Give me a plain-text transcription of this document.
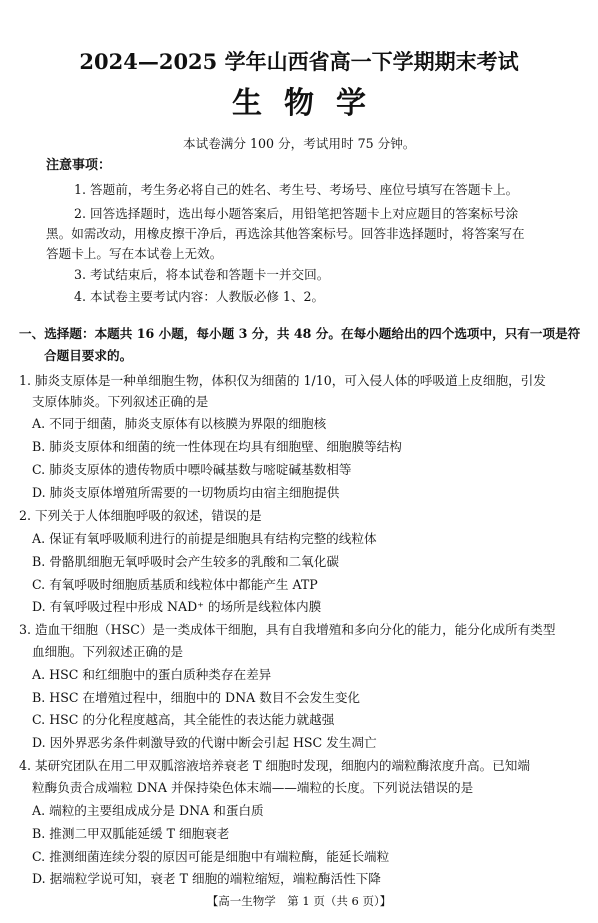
2024—2025 学年山西省高一下学期期末考试
生物学
本试卷满分 100 分，考试用时 75 分钟。
注意事项：
1. 答题前，考生务必将自己的姓名、考生号、考场号、座位号填写在答题卡上。
2. 回答选择题时，选出每小题答案后，用铅笔把答题卡上对应题目的答案标号涂
黑。如需改动，用橡皮擦干净后，再选涂其他答案标号。回答非选择题时，将答案写在
答题卡上。写在本试卷上无效。
3. 考试结束后，将本试卷和答题卡一并交回。
4. 本试卷主要考试内容：人教版必修 1、2。
一、选择题：本题共 16 小题，每小题 3 分，共 48 分。在每小题给出的四个选项中，只有一项是符
合题目要求的。
1. 肺炎支原体是一种单细胞生物，体积仅为细菌的 1/10，可入侵人体的呼吸道上皮细胞，引发
支原体肺炎。下列叙述正确的是
A. 不同于细菌，肺炎支原体有以核膜为界限的细胞核
B. 肺炎支原体和细菌的统一性体现在均具有细胞壁、细胞膜等结构
C. 肺炎支原体的遗传物质中嘌呤碱基数与嘧啶碱基数相等
D. 肺炎支原体增殖所需要的一切物质均由宿主细胞提供
2. 下列关于人体细胞呼吸的叙述，错误的是
A. 保证有氧呼吸顺利进行的前提是细胞具有结构完整的线粒体
B. 骨骼肌细胞无氧呼吸时会产生较多的乳酸和二氧化碳
C. 有氧呼吸时细胞质基质和线粒体中都能产生 ATP
D. 有氧呼吸过程中形成 NAD⁺ 的场所是线粒体内膜
3. 造血干细胞（HSC）是一类成体干细胞，具有自我增殖和多向分化的能力，能分化成所有类型
血细胞。下列叙述正确的是
A. HSC 和红细胞中的蛋白质种类存在差异
B. HSC 在增殖过程中，细胞中的 DNA 数目不会发生变化
C. HSC 的分化程度越高，其全能性的表达能力就越强
D. 因外界恶劣条件刺激导致的代谢中断会引起 HSC 发生凋亡
4. 某研究团队在用二甲双胍溶液培养衰老 T 细胞时发现，细胞内的端粒酶浓度升高。已知端
粒酶负责合成端粒 DNA 并保持染色体末端——端粒的长度。下列说法错误的是
A. 端粒的主要组成成分是 DNA 和蛋白质
B. 推测二甲双胍能延缓 T 细胞衰老
C. 推测细菌连续分裂的原因可能是细胞中有端粒酶，能延长端粒
D. 据端粒学说可知，衰老 T 细胞的端粒缩短，端粒酶活性下降
【高一生物学　第 1 页（共 6 页）】
